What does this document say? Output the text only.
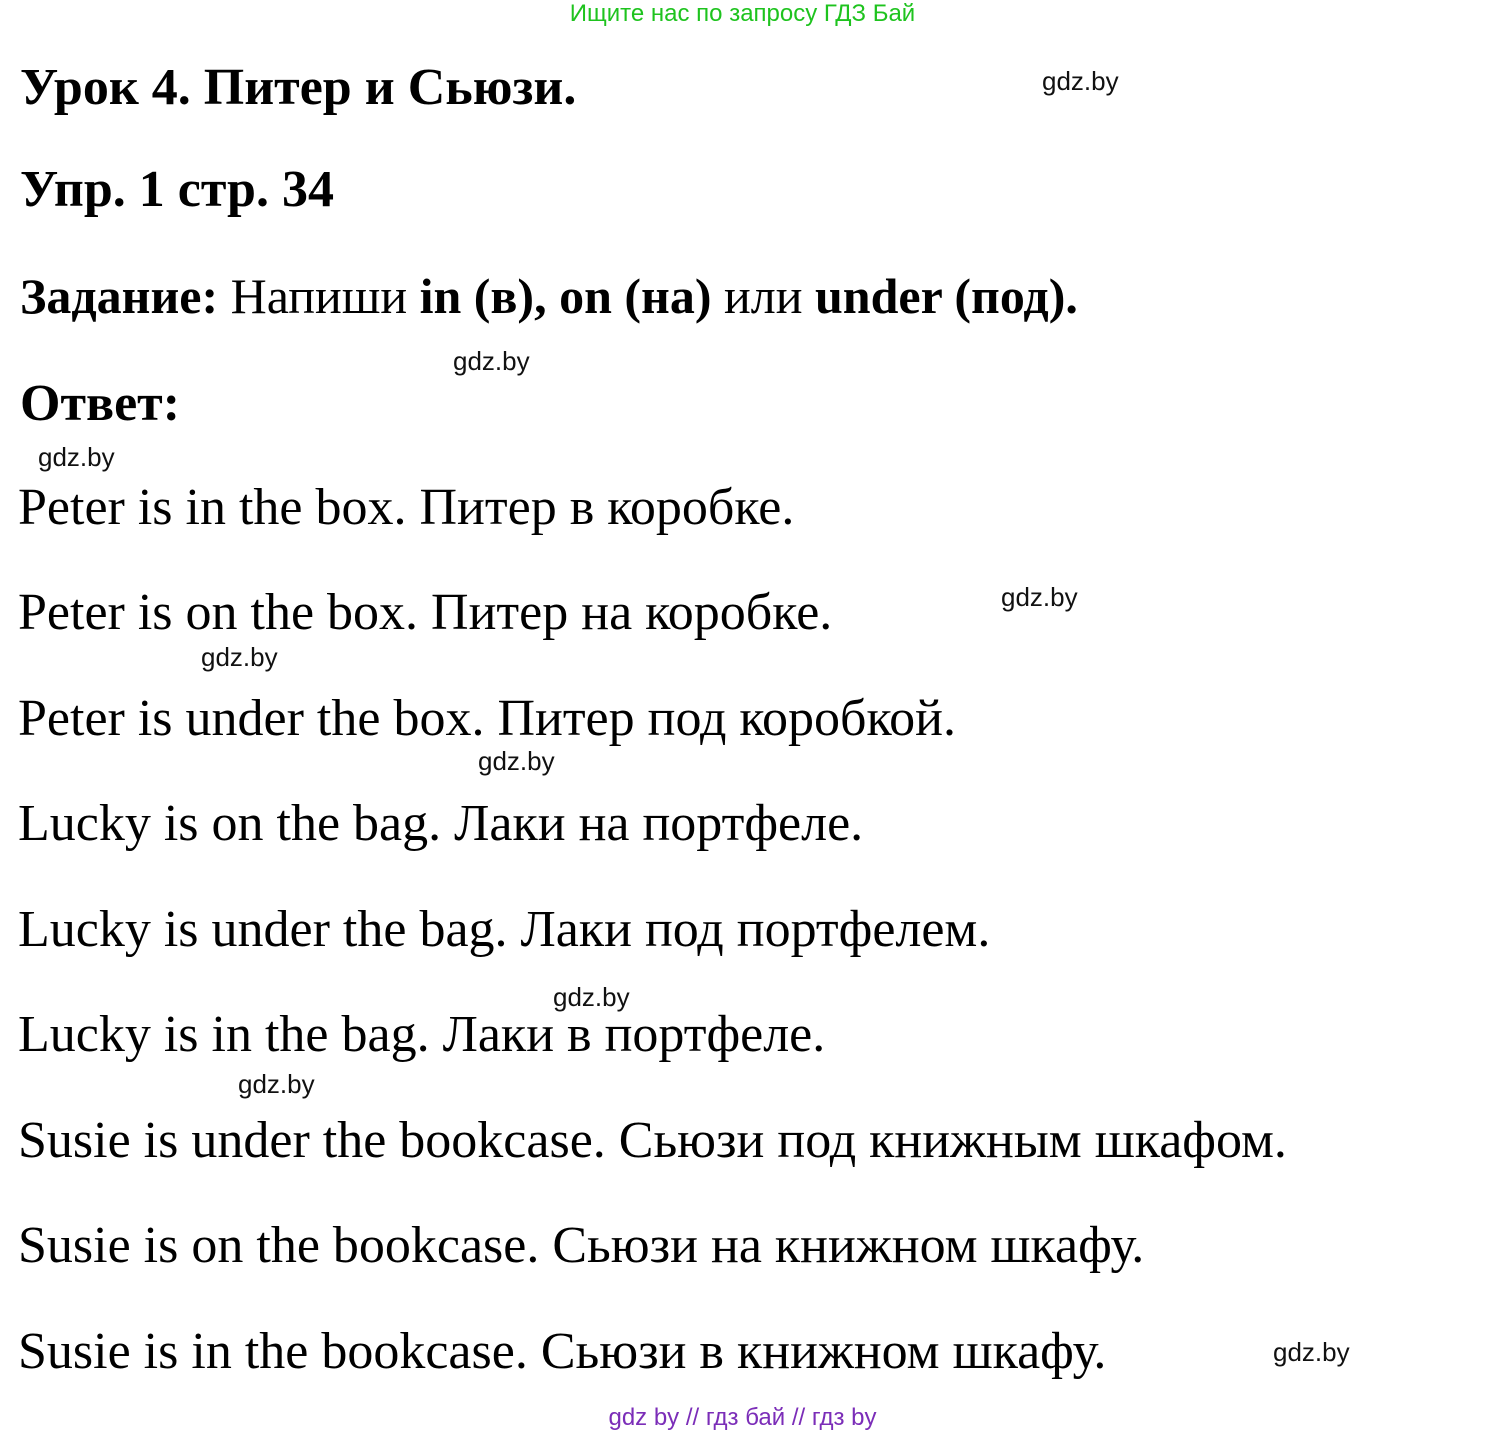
Ищите нас по запросу ГДЗ Бай
Урок 4. Питер и Сьюзи.
Упр. 1 стр. 34
Задание: Напиши in (в), on (на) или under (под).
Ответ:
Peter is in the box. Питер в коробке.
Peter is on the box. Питер на коробке.
Peter is under the box. Питер под коробкой.
Lucky is on the bag. Лаки на портфеле.
Lucky is under the bag. Лаки под портфелем.
Lucky is in the bag. Лаки в портфеле.
Susie is under the bookcase. Сьюзи под книжным шкафом.
Susie is on the bookcase. Сьюзи на книжном шкафу.
Susie is in the bookcase. Сьюзи в книжном шкафу.
gdz.by
gdz.by
gdz.by
gdz.by
gdz.by
gdz.by
gdz.by
gdz.by
gdz.by
gdz by // гдз бай // гдз by
